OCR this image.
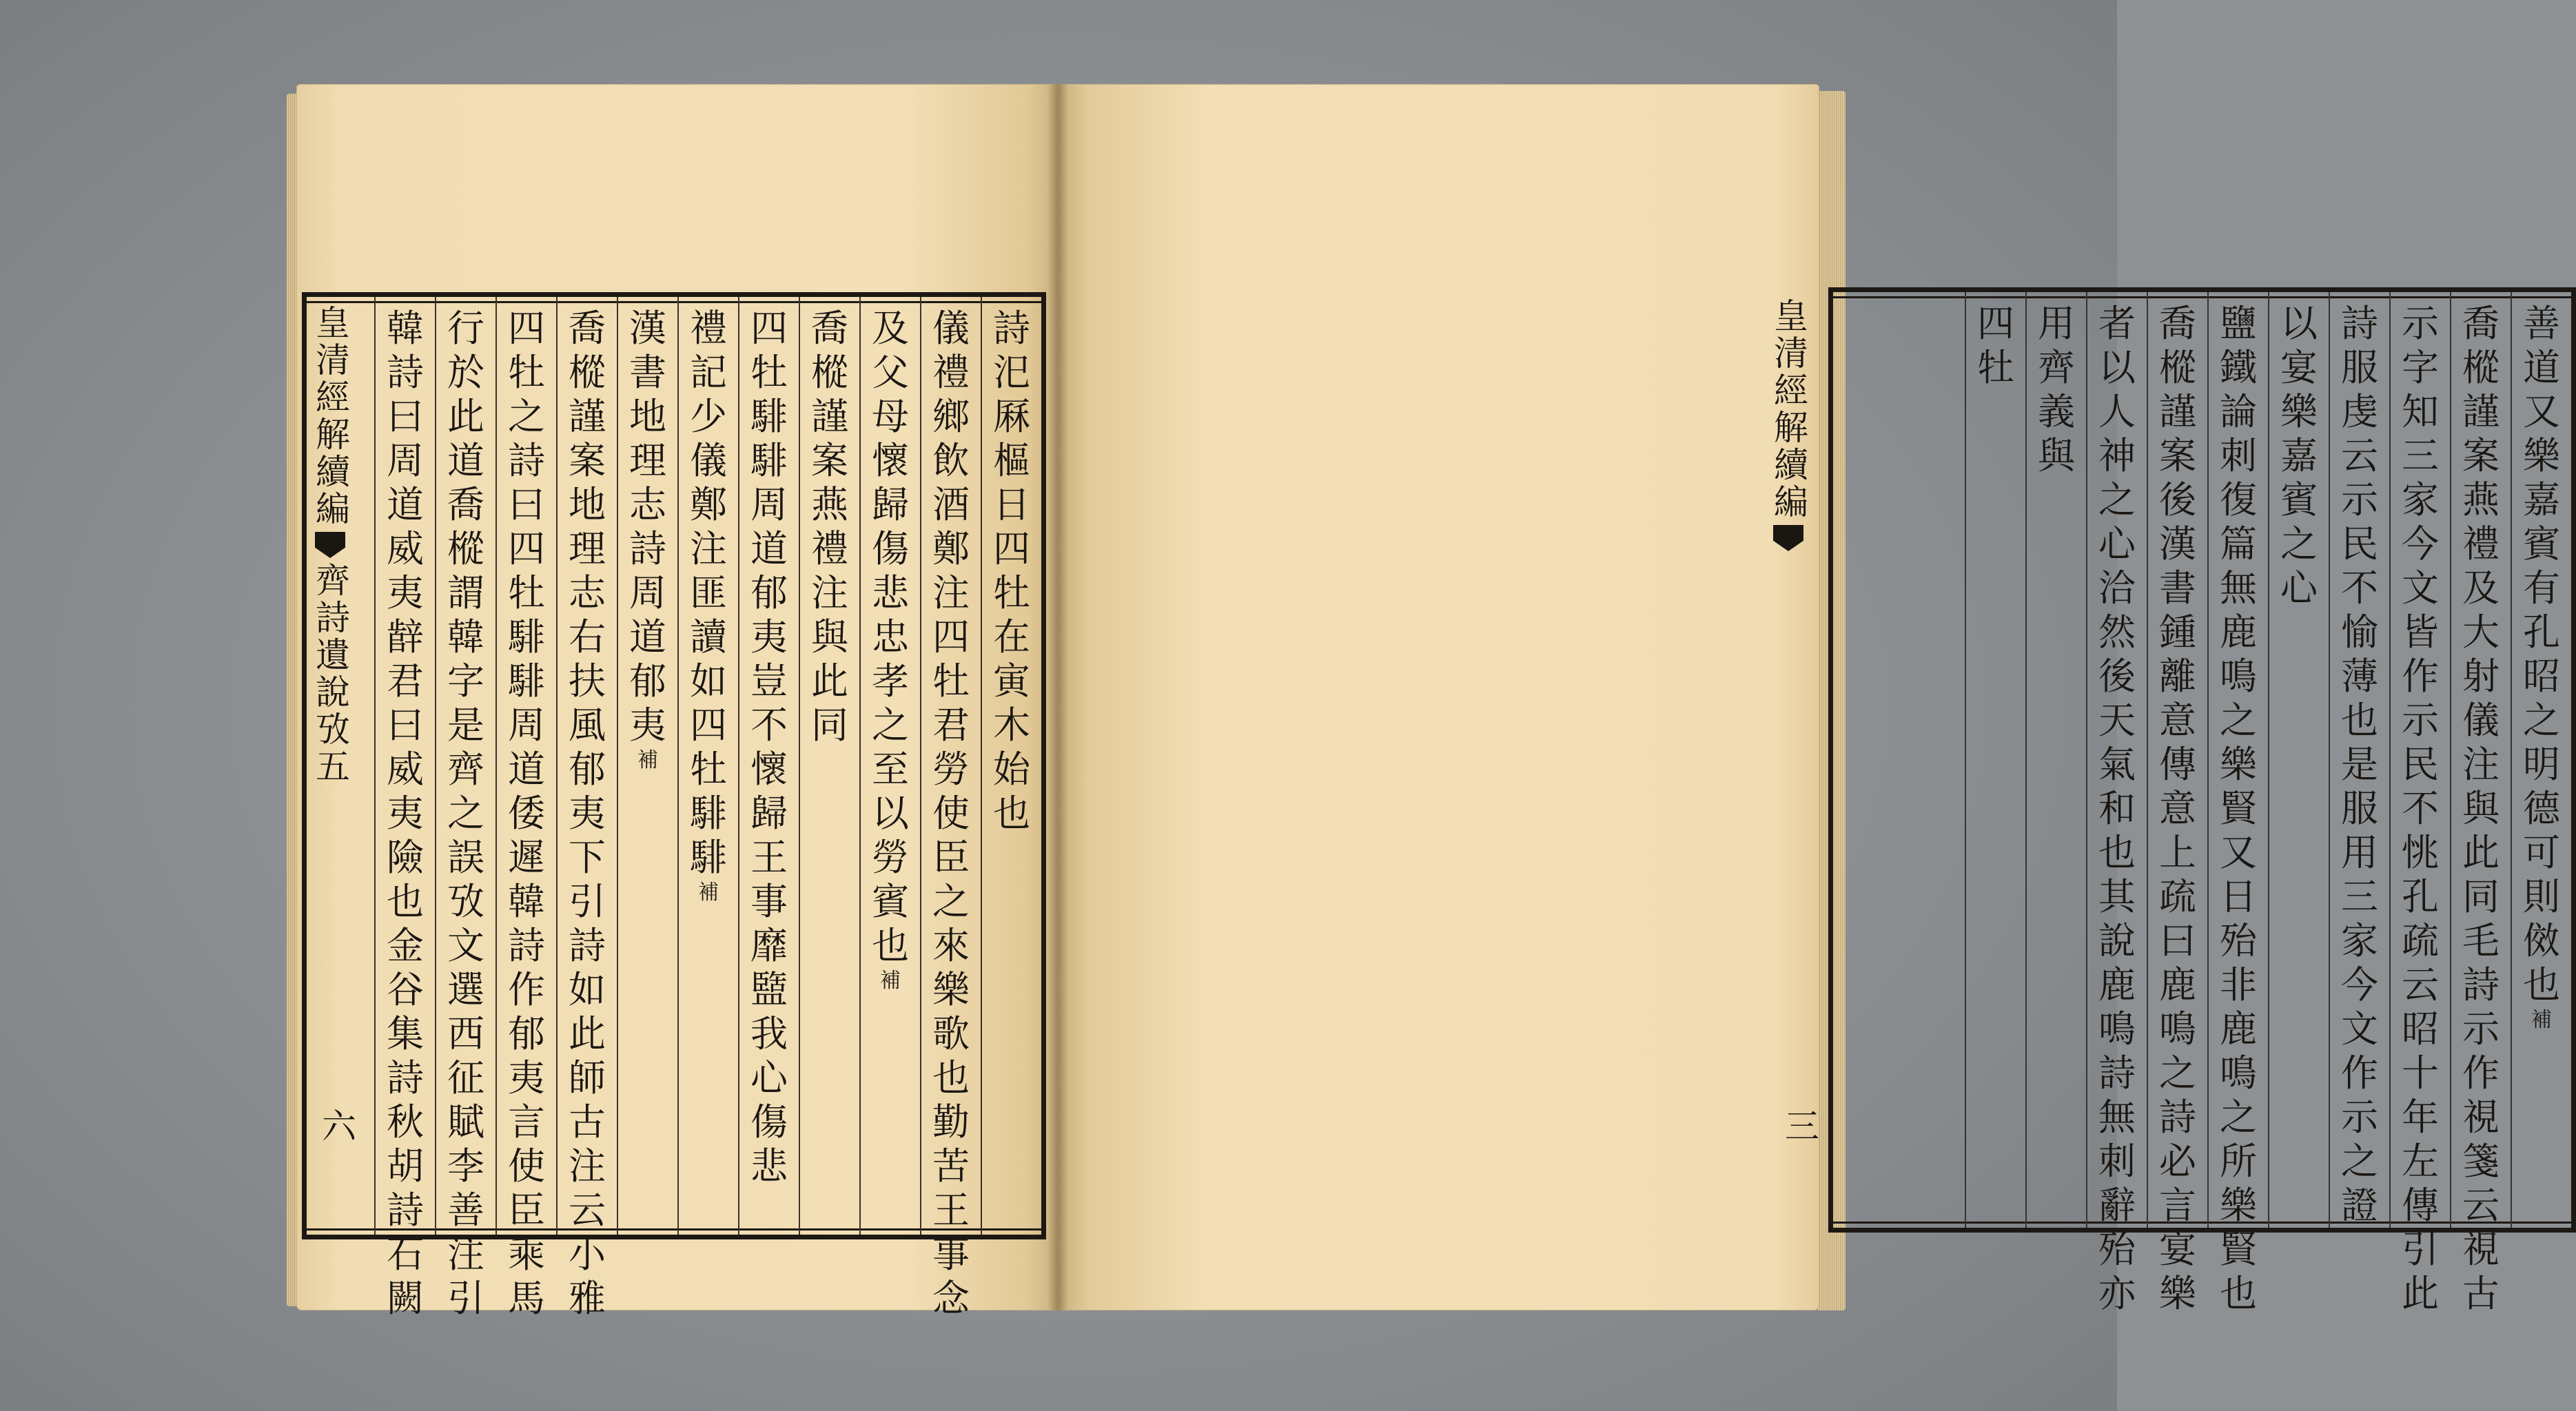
詩
汜
厤
樞
日
四
牡
在
寅
木
始
也
儀
禮
鄉
飲
酒
鄭
注
四
牡
君
勞
使
臣
之
來
樂
歌
也
勤
苦
王
事
念
及
父
母
懷
歸
傷
悲
忠
孝
之
至
以
勞
賓
也
補
喬
樅
謹
案
燕
禮
注
與
此
同
四
牡
騑
騑
周
道
郁
夷
豈
不
懷
歸
王
事
靡
盬
我
心
傷
悲
禮
記
少
儀
鄭
注
匪
讀
如
四
牡
騑
騑
補
漢
書
地
理
志
詩
周
道
郁
夷
補
喬
樅
謹
案
地
理
志
右
扶
風
郁
夷
下
引
詩
如
此
師
古
注
云
小
雅
四
牡
之
詩
曰
四
牡
騑
騑
周
道
倭
遲
韓
詩
作
郁
夷
言
使
臣
乘
馬
行
於
此
道
喬
樅
謂
韓
字
是
齊
之
誤
攷
文
選
西
征
賦
李
善
注
引
韓
詩
曰
周
道
威
夷
辪
君
曰
威
夷
險
也
金
谷
集
詩
秋
胡
詩
石
闕
皇清經解續編
齊詩遺說攷五
六
善
道
又
樂
嘉
賓
有
孔
昭
之
明
德
可
則
傚
也
補
喬
樅
謹
案
燕
禮
及
大
射
儀
注
與
此
同
毛
詩
示
作
視
箋
云
視
古
示
字
知
三
家
今
文
皆
作
示
民
不
恌
孔
疏
云
昭
十
年
左
傳
引
此
詩
服
虔
云
示
民
不
愉
薄
也
是
服
用
三
家
今
文
作
示
之
證
以
宴
樂
嘉
賓
之
心
鹽
鐵
論
刺
復
篇
無
鹿
鳴
之
樂
賢
又
日
殆
非
鹿
鳴
之
所
樂
賢
也
喬
樅
謹
案
後
漢
書
鍾
離
意
傳
意
上
疏
曰
鹿
鳴
之
詩
必
言
宴
樂
者
以
人
神
之
心
洽
然
後
天
氣
和
也
其
說
鹿
鳴
詩
無
刺
辭
殆
亦
用
齊
義
與
四
牡
皇清經解續編
三
